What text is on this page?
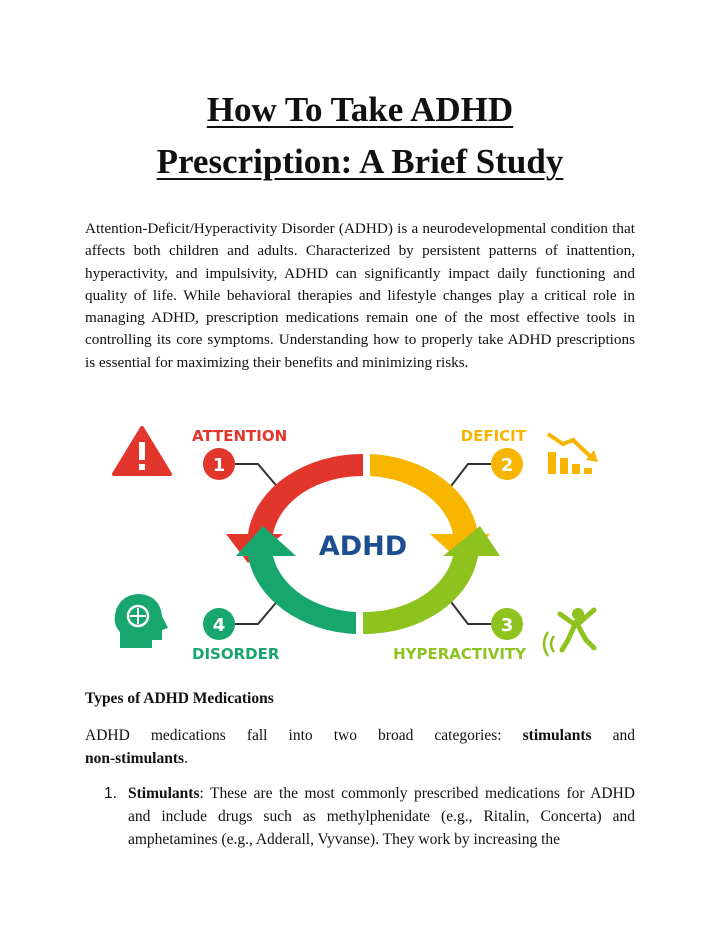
How To Take ADHD
Prescription: A Brief Study

Attention-Deficit/Hyperactivity Disorder (ADHD) is a neurodevelopmental condition that affects both children and adults. Characterized by persistent patterns of inattention, hyperactivity, and impulsivity, ADHD can significantly impact daily functioning and quality of life. While behavioral therapies and lifestyle changes play a critical role in managing ADHD, prescription medications remain one of the most effective tools in controlling its core symptoms. Understanding how to properly take ADHD prescriptions is essential for maximizing their benefits and minimizing risks.

ADHD
1	2
3
4
ATTENTION	DEFICIT
HYPERACTIVITY
DISORDER
Types of ADHD Medications

ADHD medications fall into two broad categories: stimulants and

non-stimulants.

1. Stimulants: These are the most commonly prescribed medications for ADHD and include drugs such as methylphenidate (e.g., Ritalin, Concerta) and amphetamines (e.g., Adderall, Vyvanse). They work by increasing the
